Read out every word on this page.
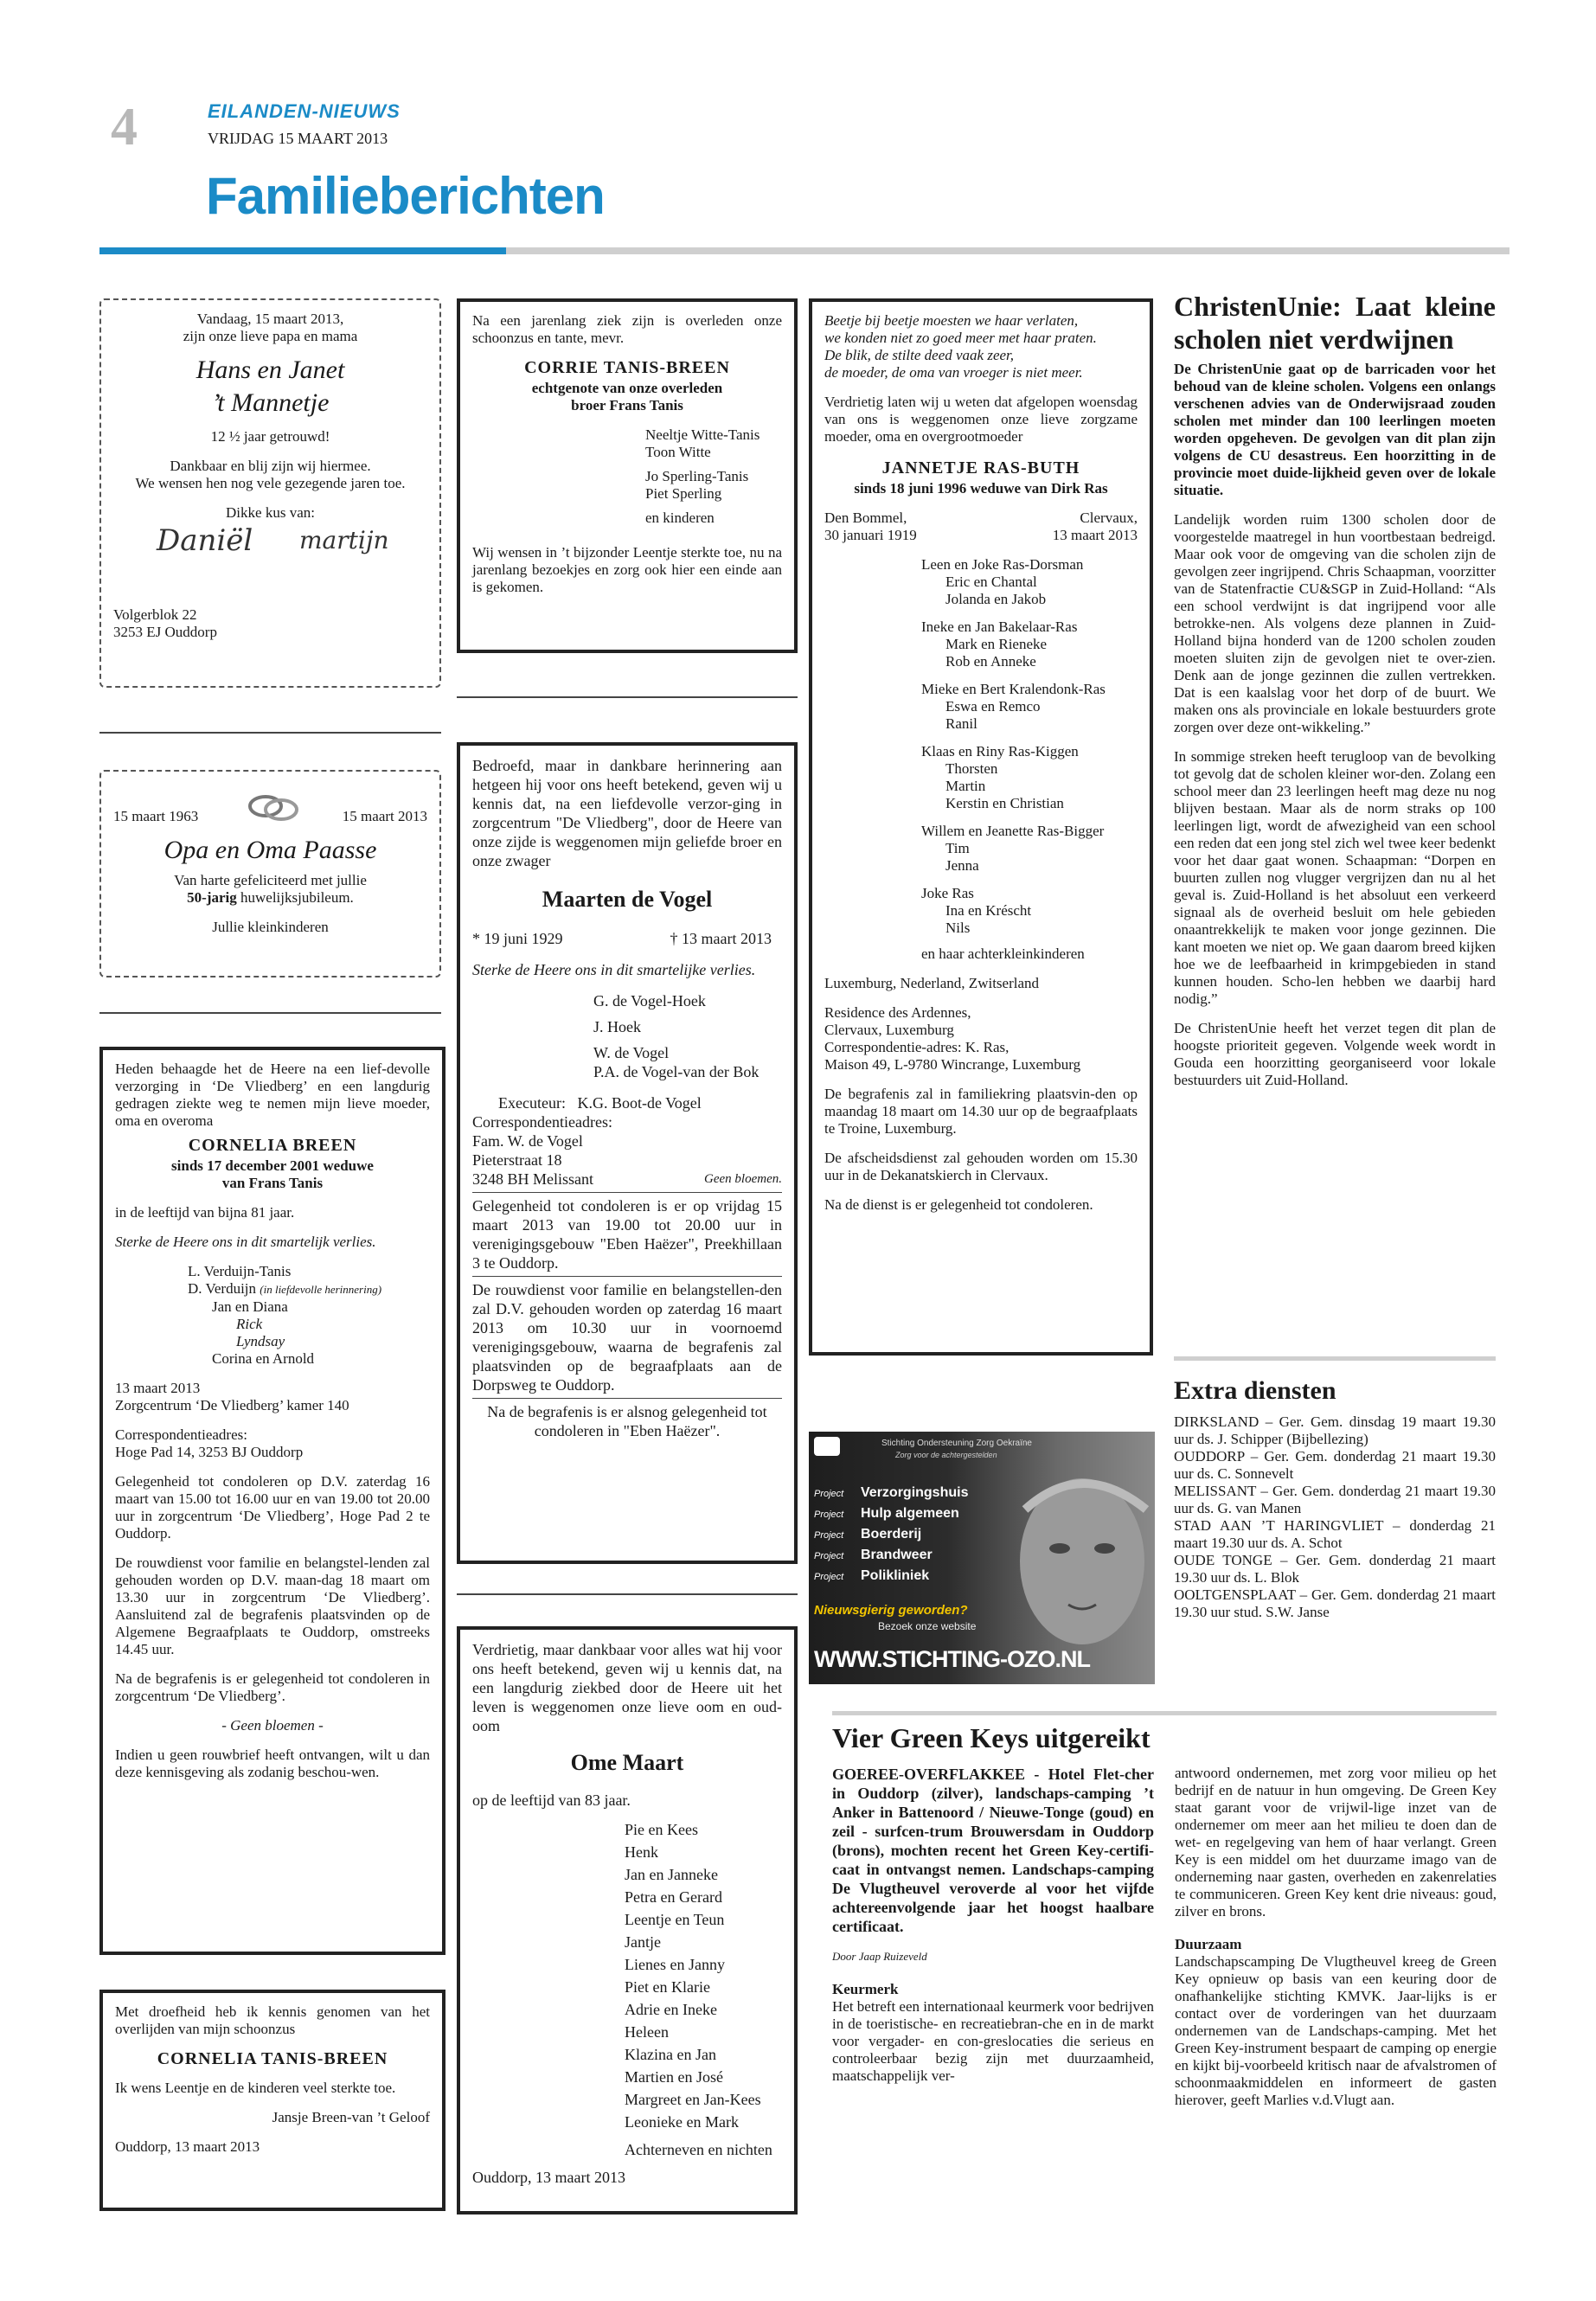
4	EILANDEN-NIEUWS
VRIJDAG 15 MAART 2013
Familieberichten

Vandaag, 15 maart 2013,

zijn onze lieve papa en mama

Hans en Janet

’t Mannetje

12 ½ jaar getrouwd!

Dankbaar en blij zijn wij hiermee.

We wensen hen nog vele gezegende jaren toe.

Dikke kus van:

Daniël martijn

Volgerblok 22

3253 EJ Ouddorp

15 maart 1963	15 maart 2013

Opa en Oma Paasse

Van harte gefeliciteerd met jullie

50-jarig huwelijksjubileum.

Jullie kleinkinderen

Heden behaagde het de Heere na een lief-devolle verzorging in ‘De Vliedberg’ en een langdurig gedragen ziekte weg te nemen mijn lieve moeder, oma en overoma

CORNELIA BREEN

sinds 17 december 2001 weduwe

van Frans Tanis

in de leeftijd van bijna 81 jaar.

Sterke de Heere ons in dit smartelijk verlies.

L. Verduijn-Tanis

D. Verduijn (in liefdevolle herinnering)

Jan en Diana

Rick

Lyndsay

Corina en Arnold

13 maart 2013

Zorgcentrum ‘De Vliedberg’ kamer 140

Correspondentieadres:

Hoge Pad 14, 3253 BJ Ouddorp

Gelegenheid tot condoleren op D.V. zaterdag 16 maart van 15.00 tot 16.00 uur en van 19.00 tot 20.00 uur in zorgcentrum ‘De Vliedberg’, Hoge Pad 2 te Ouddorp.

De rouwdienst voor familie en belangstel-lenden zal gehouden worden op D.V. maan-dag 18 maart om 13.30 uur in zorgcentrum ‘De Vliedberg’. Aansluitend zal de begrafenis plaatsvinden op de Algemene Begraafplaats te Ouddorp, omstreeks 14.45 uur.

Na de begrafenis is er gelegenheid tot condoleren in zorgcentrum ‘De Vliedberg’.

- Geen bloemen -

Indien u geen rouwbrief heeft ontvangen, wilt u dan deze kennisgeving als zodanig beschou-wen.

Met droefheid heb ik kennis genomen van het overlijden van mijn schoonzus

CORNELIA TANIS-BREEN

Ik wens Leentje en de kinderen veel sterkte toe.

Jansje Breen-van ’t Geloof

Ouddorp, 13 maart 2013

Na een jarenlang ziek zijn is overleden onze schoonzus en tante, mevr.

CORRIE TANIS-BREEN

echtgenote van onze overleden

broer Frans Tanis

Neeltje Witte-Tanis

Toon Witte

Jo Sperling-Tanis

Piet Sperling

en kinderen

Wij wensen in ’t bijzonder Leentje sterkte toe, nu na jarenlang bezoekjes en zorg ook hier een einde aan is gekomen.

Bedroefd, maar in dankbare herinnering aan hetgeen hij voor ons heeft betekend, geven wij u kennis dat, na een liefdevolle verzor-ging in zorgcentrum "De Vliedberg", door de Heere van onze zijde is weggenomen mijn geliefde broer en onze zwager

Maarten de Vogel

* 19 juni 1929	† 13 maart 2013

Sterke de Heere ons in dit smartelijke verlies.

G. de Vogel-Hoek

J. Hoek

W. de Vogel

P.A. de Vogel-van der Bok

Executeur: K.G. Boot-de Vogel

Correspondentieadres:

Fam. W. de Vogel

Pieterstraat 18

3248 BH Melissant	Geen bloemen.

Gelegenheid tot condoleren is er op vrijdag 15 maart 2013 van 19.00 tot 20.00 uur in verenigingsgebouw "Eben Haëzer", Preekhillaan 3 te Ouddorp.

De rouwdienst voor familie en belangstellen-den zal D.V. gehouden worden op zaterdag 16 maart 2013 om 10.30 uur in voornoemd verenigingsgebouw, waarna de begrafenis zal plaatsvinden op de begraafplaats aan de Dorpsweg te Ouddorp.

Na de begrafenis is er alsnog gelegenheid tot condoleren in "Eben Haëzer".

Verdrietig, maar dankbaar voor alles wat hij voor ons heeft betekend, geven wij u kennis dat, na een langdurig ziekbed door de Heere uit het leven is weggenomen onze lieve oom en oud-oom

Ome Maart

op de leeftijd van 83 jaar.

Pie en Kees

Henk

Jan en Janneke

Petra en Gerard

Leentje en Teun

Jantje

Lienes en Janny

Piet en Klarie

Adrie en Ineke

Heleen

Klazina en Jan

Martien en José

Margreet en Jan-Kees

Leonieke en Mark

Achterneven en nichten

Ouddorp, 13 maart 2013

Beetje bij beetje moesten we haar verlaten,

we konden niet zo goed meer met haar praten.

De blik, de stilte deed vaak zeer,

de moeder, de oma van vroeger is niet meer.

Verdrietig laten wij u weten dat afgelopen woensdag van ons is weggenomen onze lieve zorgzame moeder, oma en overgrootmoeder

JANNETJE RAS-BUTH

sinds 18 juni 1996 weduwe van Dirk Ras

Den Bommel,	Clervaux,
30 januari 1919	13 maart 2013

Leen en Joke Ras-Dorsman

Eric en Chantal

Jolanda en Jakob

Ineke en Jan Bakelaar-Ras

Mark en Rieneke

Rob en Anneke

Mieke en Bert Kralendonk-Ras

Eswa en Remco

Ranil

Klaas en Riny Ras-Kiggen

Thorsten

Martin

Kerstin en Christian

Willem en Jeanette Ras-Bigger

Tim

Jenna

Joke Ras

Ina en Kréscht

Nils

en haar achterkleinkinderen

Luxemburg, Nederland, Zwitserland

Residence des Ardennes,

Clervaux, Luxemburg

Correspondentie-adres: K. Ras,

Maison 49, L-9780 Wincrange, Luxemburg

De begrafenis zal in familiekring plaatsvin-den op maandag 18 maart om 14.30 uur op de begraafplaats te Troine, Luxemburg.

De afscheidsdienst zal gehouden worden om 15.30 uur in de Dekanatskierch in Clervaux.

Na de dienst is er gelegenheid tot condoleren.

Stichting Ondersteuning Zorg Oekraïne
Zorg voor de achtergestelden
Project Verzorgingshuis
Project Hulp algemeen
Project Boerderij
Project Brandweer
Project Polikliniek
Nieuwsgierig geworden?
Bezoek onze website
WWW.STICHTING-OZO.NL
ChristenUnie: Laat kleine scholen niet verdwijnen

De ChristenUnie gaat op de barricaden voor het behoud van de kleine scholen. Volgens een onlangs verschenen advies van de Onderwijsraad zouden scholen met minder dan 100 leerlingen moeten worden opgeheven. De gevolgen van dit plan zijn volgens de CU desastreus. Een hoorzitting in de provincie moet duide-lijkheid geven over de lokale situatie.

Landelijk worden ruim 1300 scholen door de voorgestelde maatregel in hun voortbestaan bedreigd. Maar ook voor de omgeving van die scholen zijn de gevolgen zeer ingrijpend. Chris Schaapman, voorzitter van de Statenfractie CU&SGP in Zuid-Holland: “Als een school verdwijnt is dat ingrijpend voor alle betrokke-nen. Als volgens deze plannen in Zuid-Holland bijna honderd van de 1200 scholen zouden moeten sluiten zijn de gevolgen niet te over-zien. Denk aan de jonge gezinnen die zullen vertrekken. Dat is een kaalslag voor het dorp of de buurt. We maken ons als provinciale en lokale bestuurders grote zorgen over deze ont-wikkeling.”

In sommige streken heeft terugloop van de bevolking tot gevolg dat de scholen kleiner wor-den. Zolang een school meer dan 23 leerlingen heeft mag deze nu nog blijven bestaan. Maar als de norm straks op 100 leerlingen ligt, wordt de afwezigheid van een school een reden dat een jong stel zich wel twee keer bedenkt voor het daar gaat wonen. Schaapman: “Dorpen en buurten zullen nog vlugger vergrijzen dan nu al het geval is. Zuid-Holland is het absoluut een verkeerd signaal als de overheid besluit om hele gebieden onaantrekkelijk te maken voor jonge gezinnen. Die kant moeten we niet op. We gaan daarom breed kijken hoe we de leefbaarheid in krimpgebieden in stand kunnen houden. Scho-len hebben we daarbij hard nodig.”

De ChristenUnie heeft het verzet tegen dit plan de hoogste prioriteit gegeven. Volgende week wordt in Gouda een hoorzitting georganiseerd voor lokale bestuurders uit Zuid-Holland.

Extra diensten

DIRKSLAND – Ger. Gem. dinsdag 19 maart 19.30 uur ds. J. Schipper (Bijbellezing)

OUDDORP – Ger. Gem. donderdag 21 maart 19.30 uur ds. C. Sonnevelt

MELISSANT – Ger. Gem. donderdag 21 maart 19.30 uur ds. G. van Manen

STAD AAN ’T HARINGVLIET – donderdag 21 maart 19.30 uur ds. A. Schot

OUDE TONGE – Ger. Gem. donderdag 21 maart 19.30 uur ds. L. Blok

OOLTGENSPLAAT – Ger. Gem. donderdag 21 maart 19.30 uur stud. S.W. Janse

Vier Green Keys uitgereikt

GOEREE-OVERFLAKKEE - Hotel Flet-cher in Ouddorp (zilver), landschaps-camping ’t Anker in Battenoord / Nieuwe-Tonge (goud) en zeil - surfcen-trum Brouwersdam in Ouddorp (brons), mochten recent het Green Key-certifi-caat in ontvangst nemen. Landschaps-camping De Vlugtheuvel veroverde al voor het vijfde achtereenvolgende jaar het hoogst haalbare certificaat.

Door Jaap Ruizeveld

Keurmerk

Het betreft een internationaal keurmerk voor bedrijven in de toeristische- en recreatiebran-che en in de markt voor vergader- en con-greslocaties die serieus en controleerbaar bezig zijn met duurzaamheid, maatschappelijk ver-

antwoord ondernemen, met zorg voor milieu op het bedrijf en de natuur in hun omgeving. De Green Key staat garant voor de vrijwil-lige inzet van de ondernemer om meer aan het milieu te doen dan de wet- en regelgeving van hem of haar verlangt. Green Key is een middel om het duurzame imago van de onderneming naar gasten, overheden en zakenrelaties te communiceren. Green Key kent drie niveaus: goud, zilver en brons.

Duurzaam

Landschapscamping De Vlugtheuvel kreeg de Green Key opnieuw op basis van een keuring door de onafhankelijke stichting KMVK. Jaar-lijks is er contact over de vorderingen van het duurzaam ondernemen van de Landschaps-camping. Met het Green Key-instrument bespaart de camping op energie en kijkt bij-voorbeeld kritisch naar de afvalstromen of schoonmaakmiddelen en informeert de gasten hierover, geeft Marlies v.d.Vlugt aan.
